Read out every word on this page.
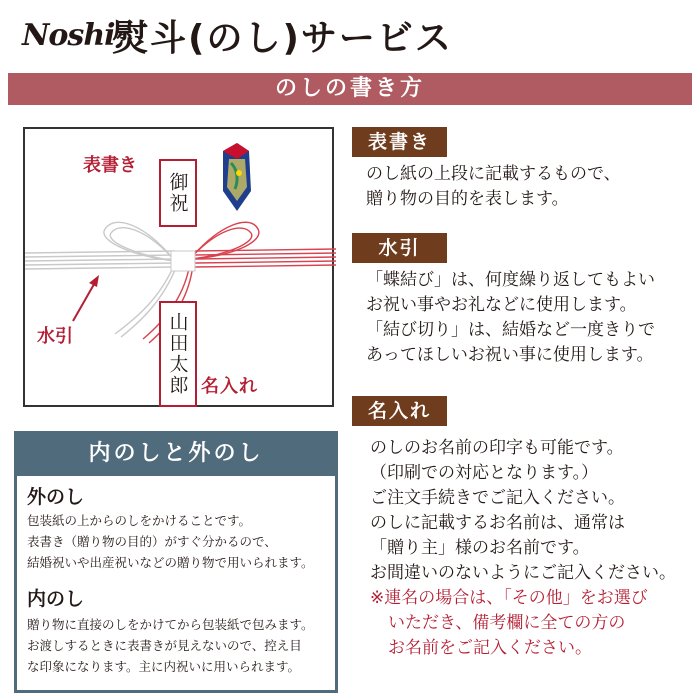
Noshi
熨斗(のし)サービス
のしの書き方
表書き
水引
名入れ
御祝
山田太郎
表書き
のし紙の上段に記載するもので、
贈り物の目的を表します。
水引
「蝶結び」は、何度繰り返してもよい
お祝い事やお礼などに使用します。
「結び切り」は、結婚など一度きりで
あってほしいお祝い事に使用します。
名入れ
のしのお名前の印字も可能です。
（印刷での対応となります。）
ご注文手続きでご記入ください。
のしに記載するお名前は、通常は
「贈り主」様のお名前です。
お間違いのないようにご記入ください。
※連名の場合は、「その他」をお選び
いただき、備考欄に全ての方の
お名前をご記入ください。
内のしと外のし
外のし
包装紙の上からのしをかけることです。
表書き（贈り物の目的）がすぐ分かるので、
結婚祝いや出産祝いなどの贈り物で用いられます。
内のし
贈り物に直接のしをかけてから包装紙で包みます。
お渡しするときに表書きが見えないので、控え目
な印象になります。主に内祝いに用いられます。
